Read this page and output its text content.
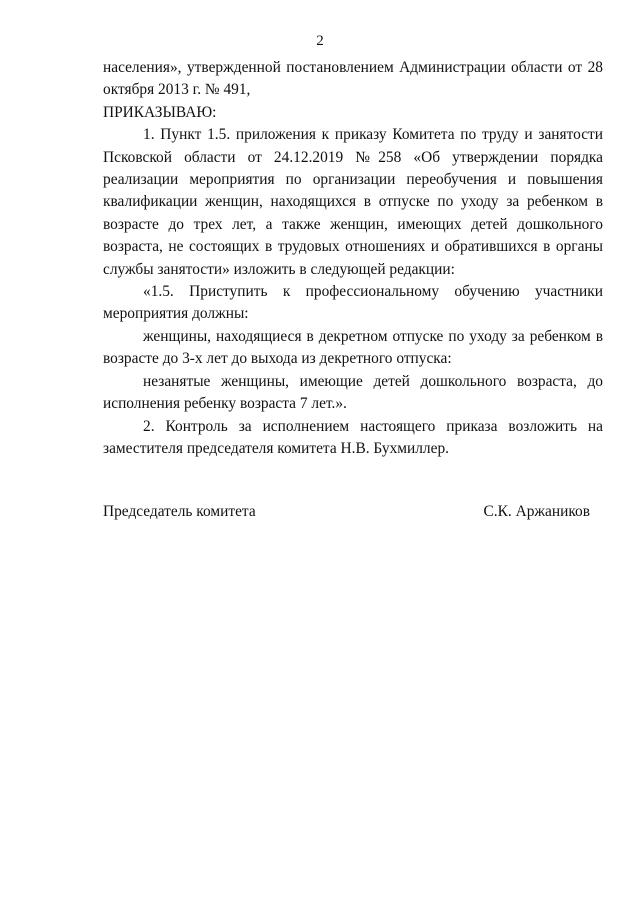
2

населения», утвержденной постановлением Администрации области от 28 октября 2013 г. № 491,

ПРИКАЗЫВАЮ:

1. Пункт 1.5. приложения к приказу Комитета по труду и занятости Псковской области от 24.12.2019 №258 «Об утверждении порядка реализации мероприятия по организации переобучения и повышения квалификации женщин, находящихся в отпуске по уходу за ребенком в возрасте до трех лет, а также женщин, имеющих детей дошкольного возраста, не состоящих в трудовых отношениях и обратившихся в органы службы занятости» изложить в следующей редакции:

«1.5. Приступить к профессиональному обучению участники мероприятия должны:

женщины, находящиеся в декретном отпуске по уходу за ребенком в возрасте до 3-х лет до выхода из декретного отпуска:

незанятые женщины, имеющие детей дошкольного возраста, до исполнения ребенку возраста 7 лет.».

2. Контроль за исполнением настоящего приказа возложить на заместителя председателя комитета Н.В. Бухмиллер.

Председатель комитета	С.К. Аржаников
